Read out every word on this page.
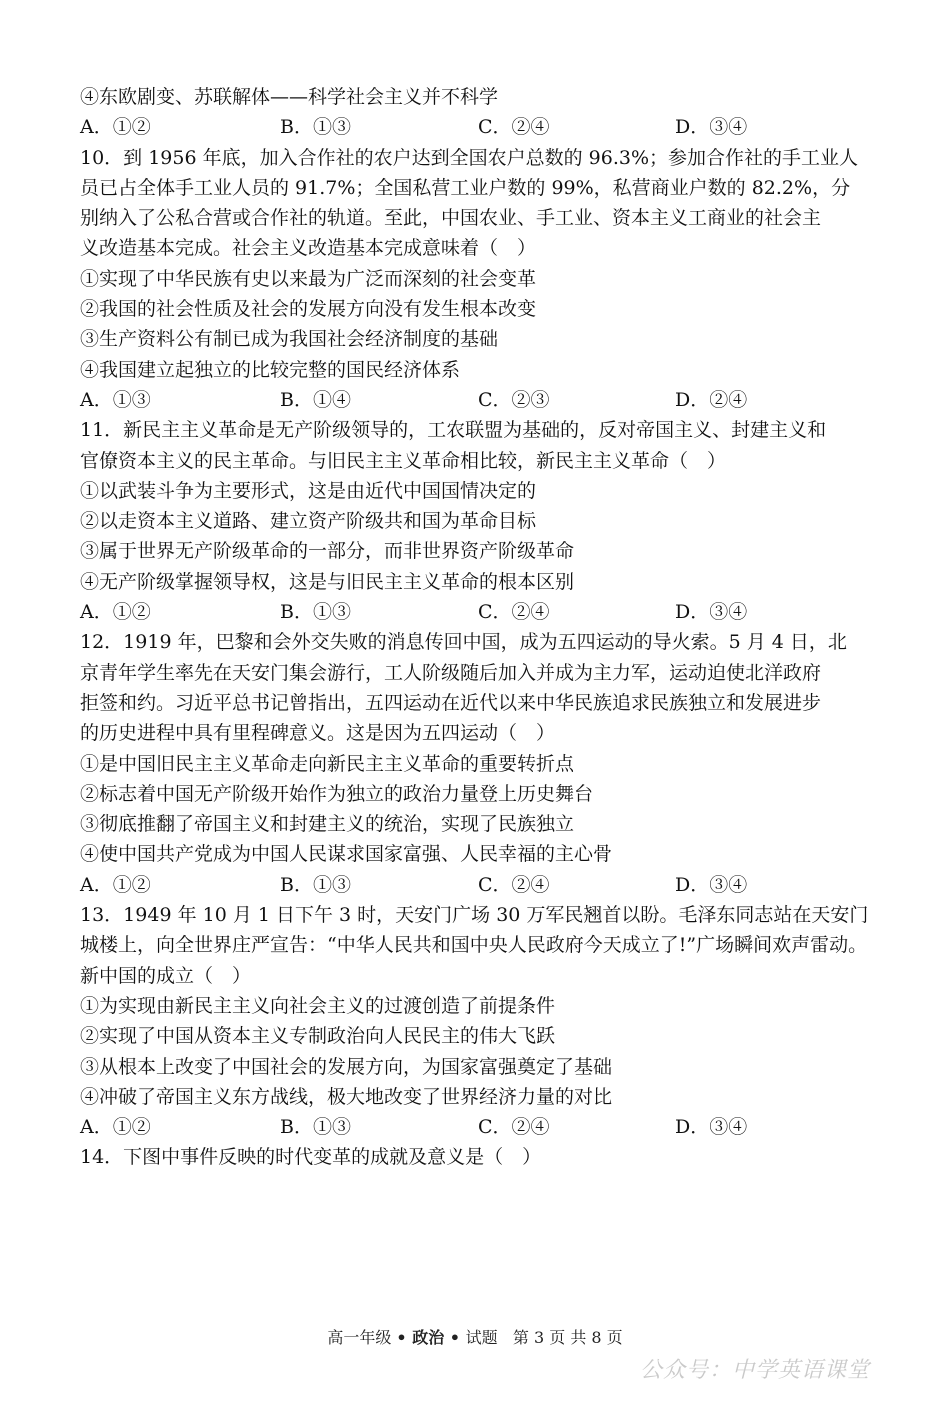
④东欧剧变、苏联解体——科学社会主义并不科学
A．①②	B．①③	C．②④	D．③④
10．到 1956 年底，加入合作社的农户达到全国农户总数的 96.3%；参加合作社的手工业人
员已占全体手工业人员的 91.7%；全国私营工业户数的 99%，私营商业户数的 82.2%，分
别纳入了公私合营或合作社的轨道。至此，中国农业、手工业、资本主义工商业的社会主
义改造基本完成。社会主义改造基本完成意味着（　）
①实现了中华民族有史以来最为广泛而深刻的社会变革
②我国的社会性质及社会的发展方向没有发生根本改变
③生产资料公有制已成为我国社会经济制度的基础
④我国建立起独立的比较完整的国民经济体系
A．①③	B．①④	C．②③	D．②④
11．新民主主义革命是无产阶级领导的，工农联盟为基础的，反对帝国主义、封建主义和
官僚资本主义的民主革命。与旧民主主义革命相比较，新民主主义革命（　）
①以武装斗争为主要形式，这是由近代中国国情决定的
②以走资本主义道路、建立资产阶级共和国为革命目标
③属于世界无产阶级革命的一部分，而非世界资产阶级革命
④无产阶级掌握领导权，这是与旧民主主义革命的根本区别
A．①②	B．①③	C．②④	D．③④
12．1919 年，巴黎和会外交失败的消息传回中国，成为五四运动的导火索。5 月 4 日，北
京青年学生率先在天安门集会游行，工人阶级随后加入并成为主力军，运动迫使北洋政府
拒签和约。习近平总书记曾指出，五四运动在近代以来中华民族追求民族独立和发展进步
的历史进程中具有里程碑意义。这是因为五四运动（　）
①是中国旧民主主义革命走向新民主主义革命的重要转折点
②标志着中国无产阶级开始作为独立的政治力量登上历史舞台
③彻底推翻了帝国主义和封建主义的统治，实现了民族独立
④使中国共产党成为中国人民谋求国家富强、人民幸福的主心骨
A．①②	B．①③	C．②④	D．③④
13．1949 年 10 月 1 日下午 3 时，天安门广场 30 万军民翘首以盼。毛泽东同志站在天安门
城楼上，向全世界庄严宣告：“中华人民共和国中央人民政府今天成立了!”广场瞬间欢声雷动。
新中国的成立（　）
①为实现由新民主主义向社会主义的过渡创造了前提条件
②实现了中国从资本主义专制政治向人民民主的伟大飞跃
③从根本上改变了中国社会的发展方向，为国家富强奠定了基础
④冲破了帝国主义东方战线，极大地改变了世界经济力量的对比
A．①②	B．①③	C．②④	D．③④
14．下图中事件反映的时代变革的成就及意义是（　）
高一年级 • 政治 • 试题 第 3 页 共 8 页
公众号：中学英语课堂
